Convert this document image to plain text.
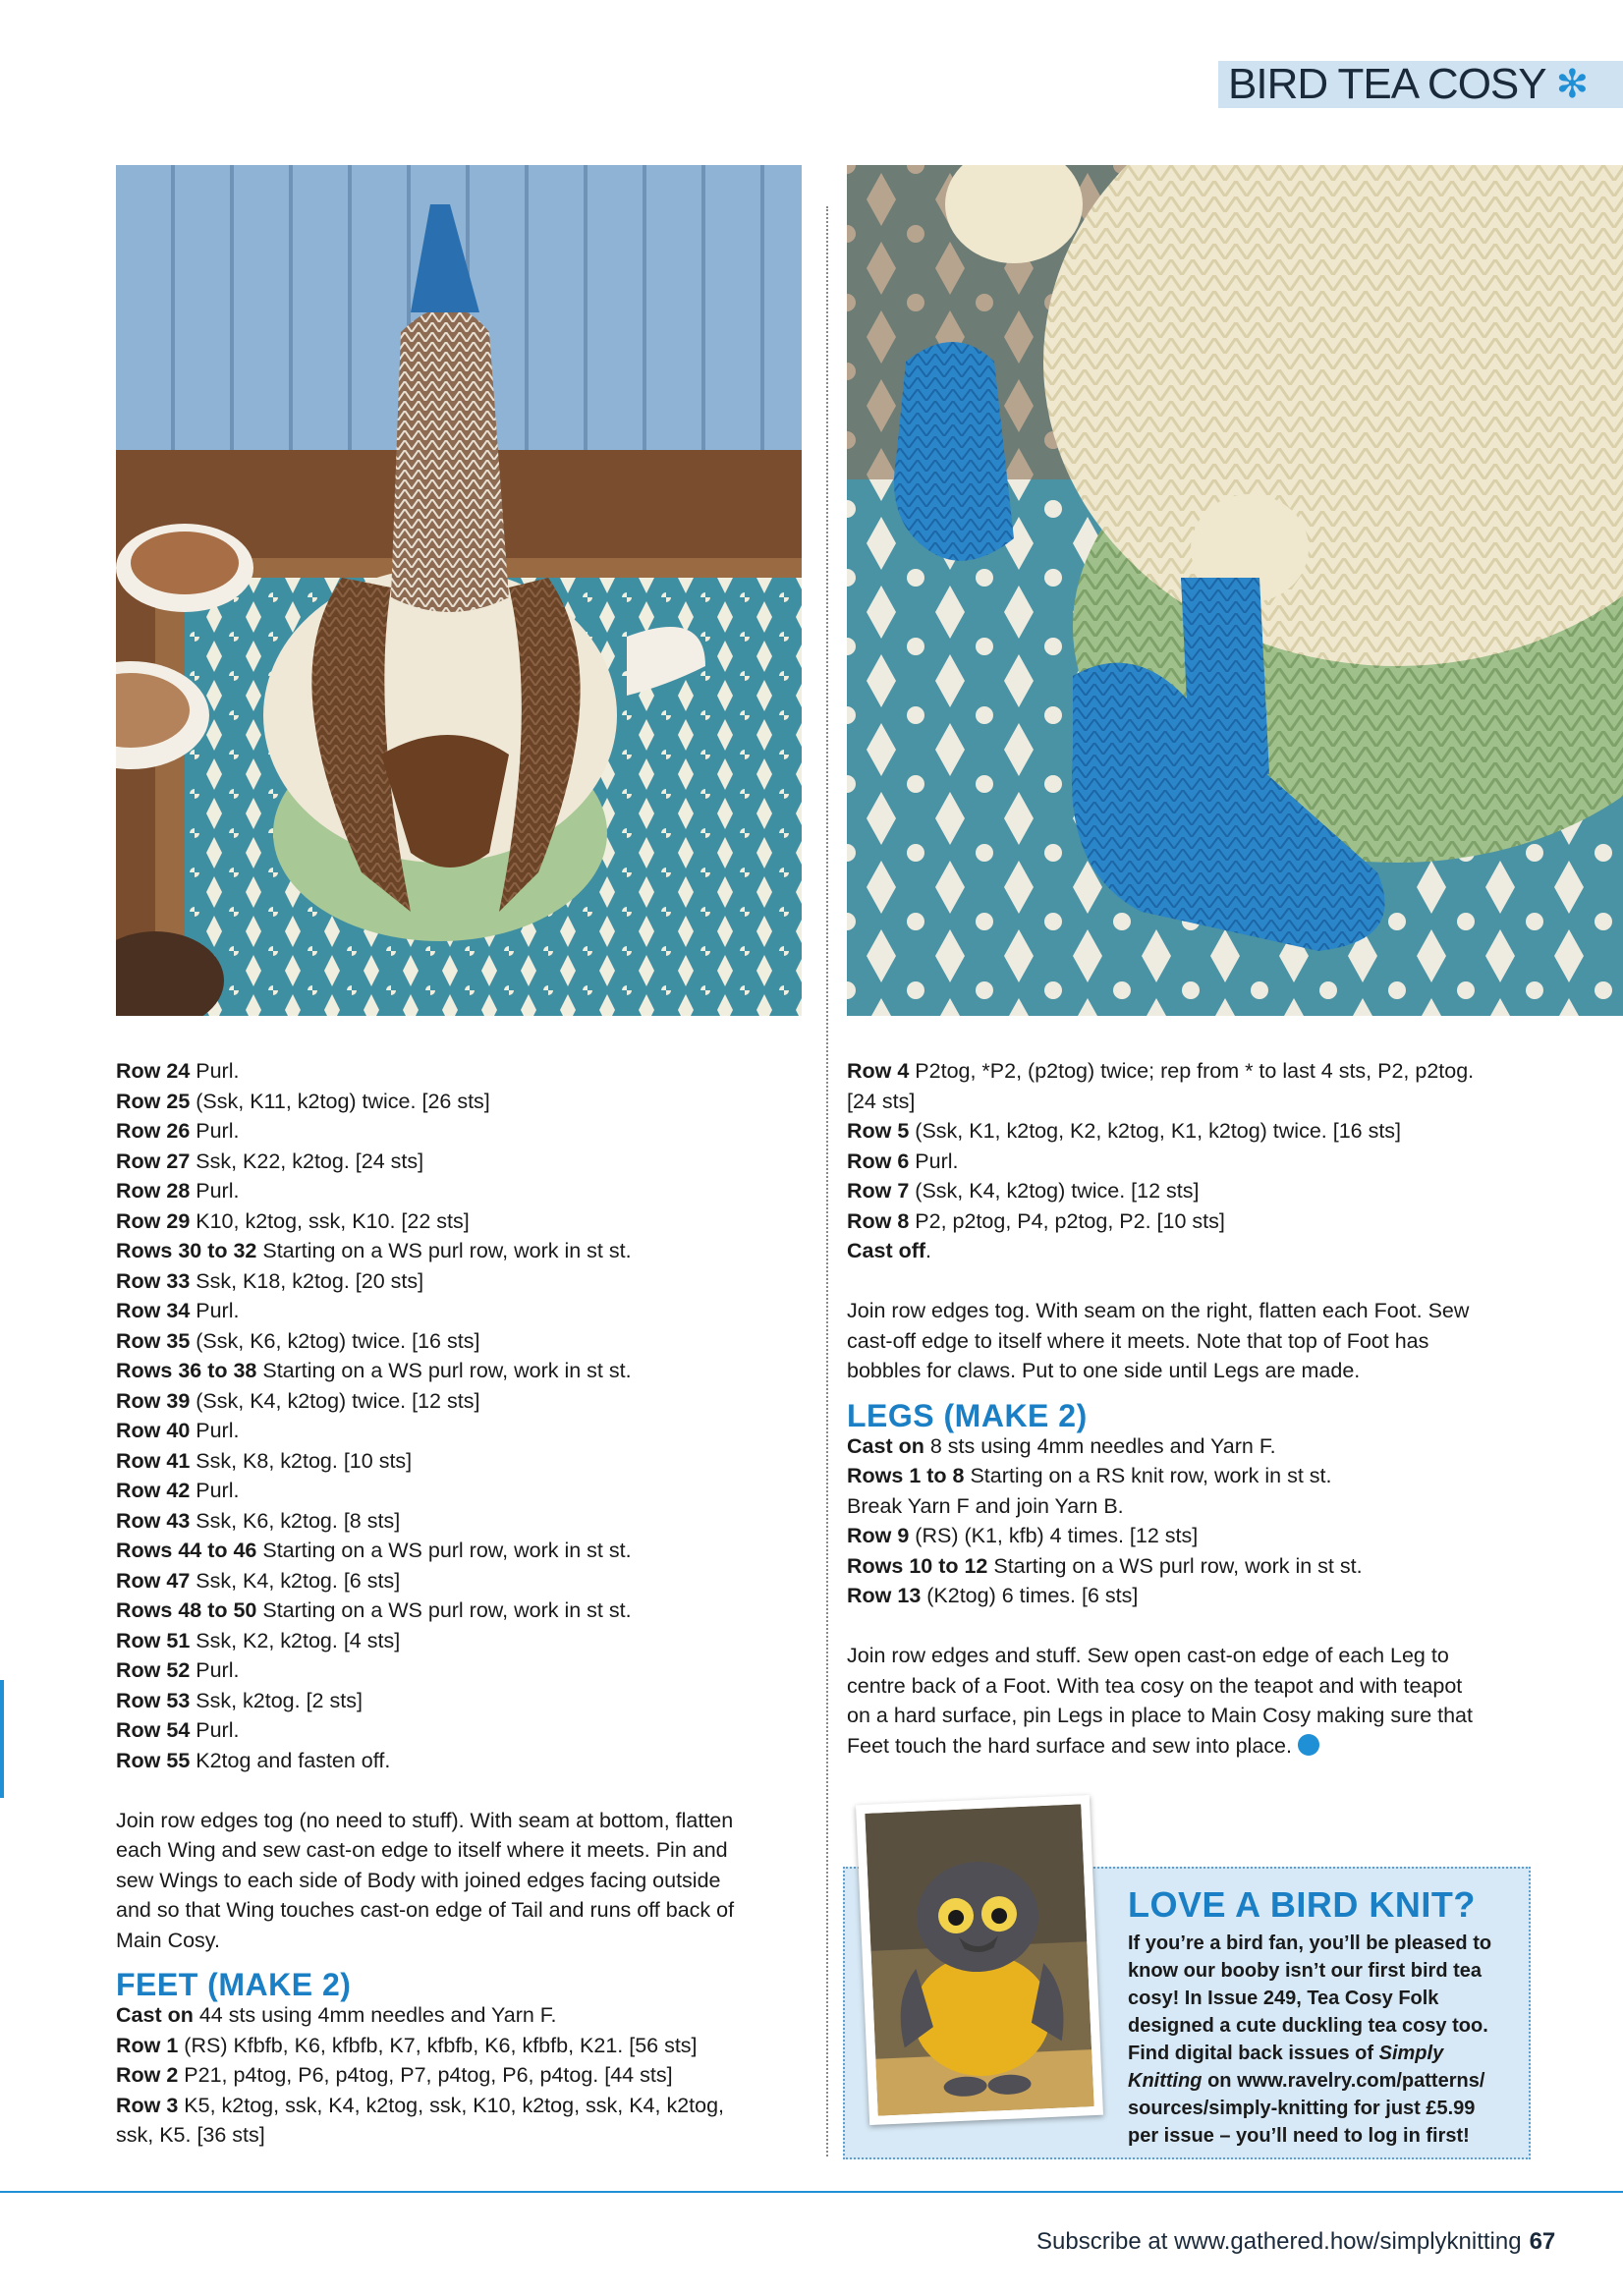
BIRD TEA COSY ✻
Row 24 Purl.
Row 25 (Ssk, K11, k2tog) twice. [26 sts]
Row 26 Purl.
Row 27 Ssk, K22, k2tog. [24 sts]
Row 28 Purl.
Row 29 K10, k2tog, ssk, K10. [22 sts]
Rows 30 to 32 Starting on a WS purl row, work in st st.
Row 33 Ssk, K18, k2tog. [20 sts]
Row 34 Purl.
Row 35 (Ssk, K6, k2tog) twice. [16 sts]
Rows 36 to 38 Starting on a WS purl row, work in st st.
Row 39 (Ssk, K4, k2tog) twice. [12 sts]
Row 40 Purl.
Row 41 Ssk, K8, k2tog. [10 sts]
Row 42 Purl.
Row 43 Ssk, K6, k2tog. [8 sts]
Rows 44 to 46 Starting on a WS purl row, work in st st.
Row 47 Ssk, K4, k2tog. [6 sts]
Rows 48 to 50 Starting on a WS purl row, work in st st.
Row 51 Ssk, K2, k2tog. [4 sts]
Row 52 Purl.
Row 53 Ssk, k2tog. [2 sts]
Row 54 Purl.
Row 55 K2tog and fasten off.
Join row edges tog (no need to stuff). With seam at bottom, flatten
each Wing and sew cast-on edge to itself where it meets. Pin and
sew Wings to each side of Body with joined edges facing outside
and so that Wing touches cast-on edge of Tail and runs off back of
Main Cosy.
FEET (MAKE 2)
Cast on 44 sts using 4mm needles and Yarn F.
Row 1 (RS) Kfbfb, K6, kfbfb, K7, kfbfb, K6, kfbfb, K21. [56 sts]
Row 2 P21, p4tog, P6, p4tog, P7, p4tog, P6, p4tog. [44 sts]
Row 3 K5, k2tog, ssk, K4, k2tog, ssk, K10, k2tog, ssk, K4, k2tog,
ssk, K5. [36 sts]
Row 4 P2tog, *P2, (p2tog) twice; rep from * to last 4 sts, P2, p2tog.
[24 sts]
Row 5 (Ssk, K1, k2tog, K2, k2tog, K1, k2tog) twice. [16 sts]
Row 6 Purl.
Row 7 (Ssk, K4, k2tog) twice. [12 sts]
Row 8 P2, p2tog, P4, p2tog, P2. [10 sts]
Cast off.
Join row edges tog. With seam on the right, flatten each Foot. Sew
cast-off edge to itself where it meets. Note that top of Foot has
bobbles for claws. Put to one side until Legs are made.
LEGS (MAKE 2)
Cast on 8 sts using 4mm needles and Yarn F.
Rows 1 to 8 Starting on a RS knit row, work in st st.
Break Yarn F and join Yarn B.
Row 9 (RS) (K1, kfb) 4 times. [12 sts]
Rows 10 to 12 Starting on a WS purl row, work in st st.
Row 13 (K2tog) 6 times. [6 sts]
Join row edges and stuff. Sew open cast-on edge of each Leg to
centre back of a Foot. With tea cosy on the teapot and with teapot
on a hard surface, pin Legs in place to Main Cosy making sure that
Feet touch the hard surface and sew into place.
LOVE A BIRD KNIT?
If you’re a bird fan, you’ll be pleased to
know our booby isn’t our first bird tea
cosy! In Issue 249, Tea Cosy Folk
designed a cute duckling tea cosy too.
Find digital back issues of Simply
Knitting on www.ravelry.com/patterns/
sources/simply-knitting for just £5.99
per issue – you’ll need to log in first!
Subscribe at www.gathered.how/simplyknitting 67
